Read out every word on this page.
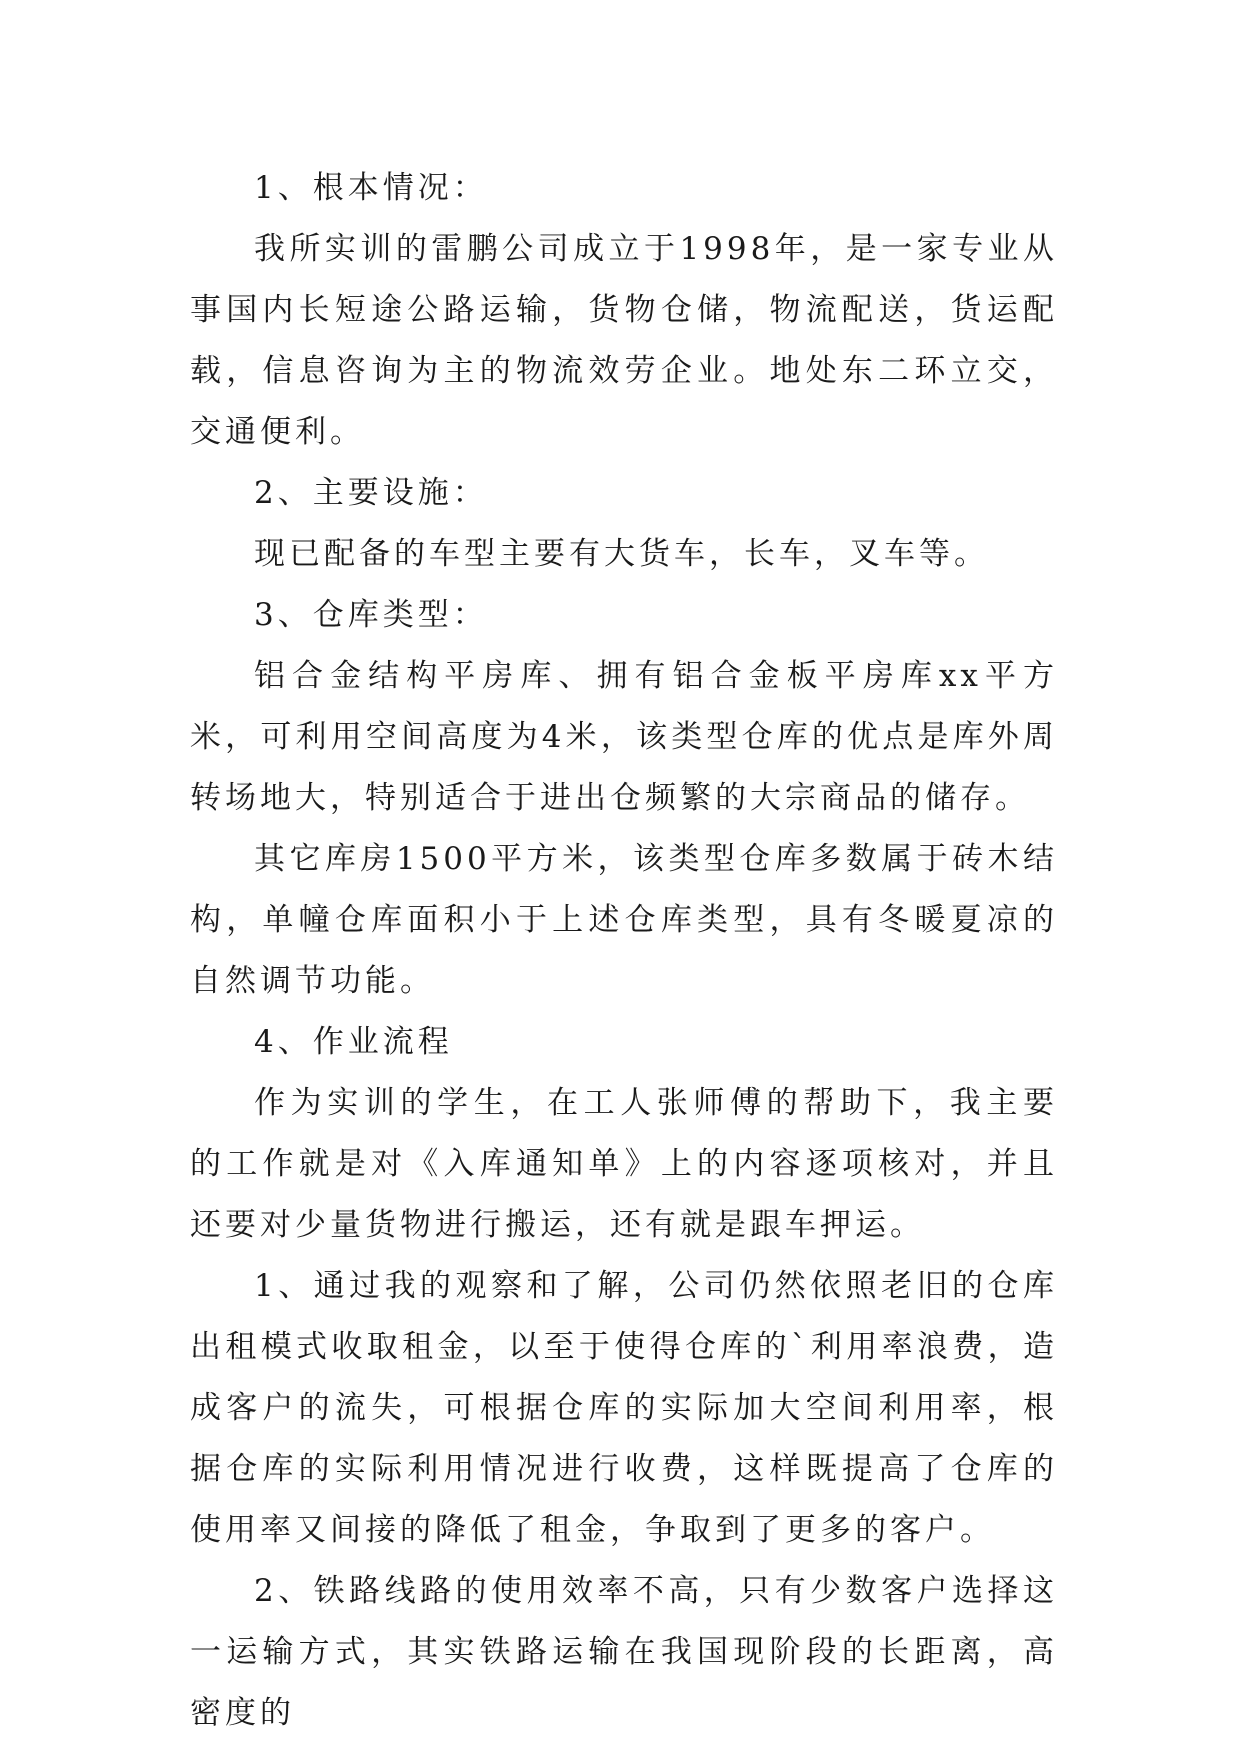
1、根本情况：

我所实训的雷鹏公司成立于1998年，是一家专业从事国内长短途公路运输，货物仓储，物流配送，货运配载，信息咨询为主的物流效劳企业。地处东二环立交，交通便利。

2、主要设施：

现已配备的车型主要有大货车，长车，叉车等。

3、仓库类型：

铝合金结构平房库、拥有铝合金板平房库xx平方米，可利用空间高度为4米，该类型仓库的优点是库外周转场地大，特别适合于进出仓频繁的大宗商品的储存。

其它库房1500平方米，该类型仓库多数属于砖木结构，单幢仓库面积小于上述仓库类型，具有冬暖夏凉的自然调节功能。

4、作业流程

作为实训的学生，在工人张师傅的帮助下，我主要的工作就是对《入库通知单》上的内容逐项核对，并且还要对少量货物进行搬运，还有就是跟车押运。

1、通过我的观察和了解，公司仍然依照老旧的仓库出租模式收取租金，以至于使得仓库的`利用率浪费，造成客户的流失，可根据仓库的实际加大空间利用率，根据仓库的实际利用情况进行收费，这样既提高了仓库的使用率又间接的降低了租金，争取到了更多的客户。

2、铁路线路的使用效率不高，只有少数客户选择这一运输方式，其实铁路运输在我国现阶段的长距离，高密度的
